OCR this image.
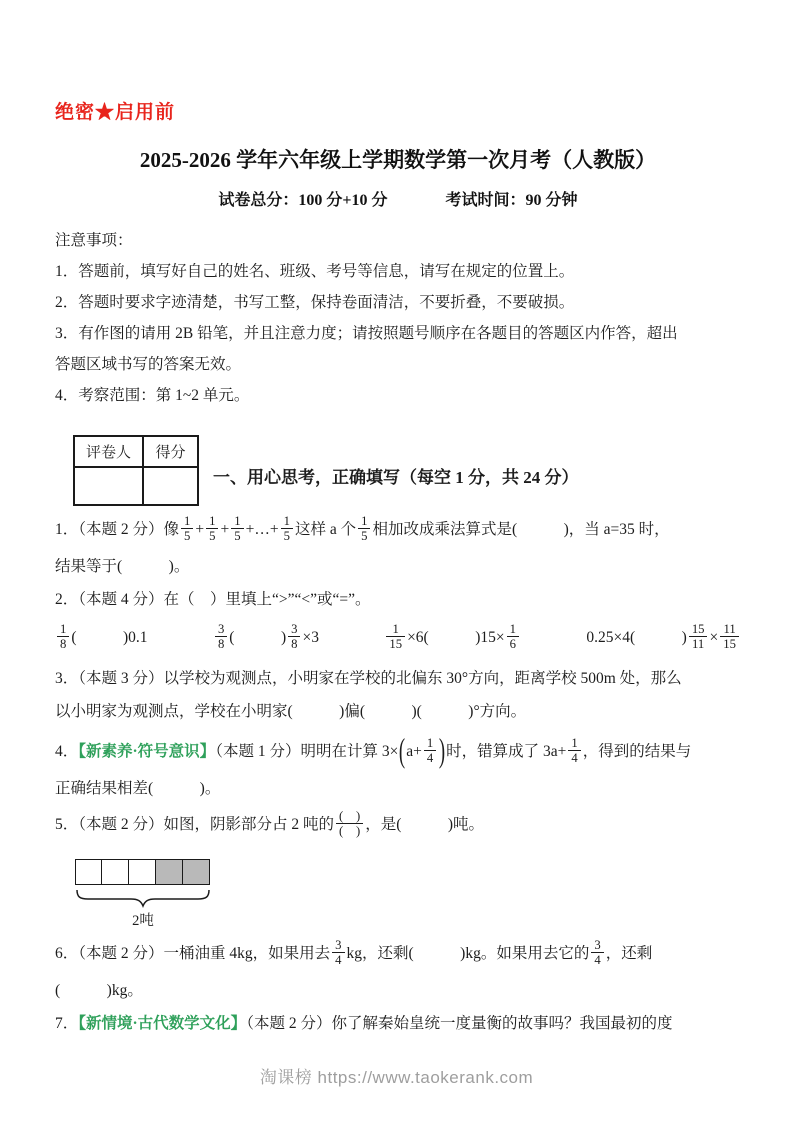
绝密★启用前
2025-2026 学年六年级上学期数学第一次月考（人教版）
试卷总分：100 分+10 分	考试时间：90 分钟
注意事项：
1．答题前，填写好自己的姓名、班级、考号等信息，请写在规定的位置上。
2．答题时要求字迹清楚，书写工整，保持卷面清洁，不要折叠，不要破损。
3．有作图的请用 2B 铅笔，并且注意力度；请按照题号顺序在各题目的答题区内作答，超出
答题区域书写的答案无效。
4．考察范围：第 1~2 单元。
评卷人	得分

一、用心思考，正确填写（每空 1 分，共 24 分）
1．（本题 2 分）像 $\frac{1}{5} + \frac{1}{5} + \frac{1}{5}$ +…+ $\frac{1}{5}$ 这样 a 个 $\frac{1}{5}$ 相加改成乘法算式是(　　　)，当 a=35 时，
结果等于(　　　)。
2．（本题 4 分）在（　）里填上“>”“<”或“=”。
$\frac{1}{8}$ (　　　)0.1	$\frac{3}{8}$ (　　　) $\frac{3}{8} \times 3$	$\frac{1}{15} \times 6$(　　　)$15\times \frac{1}{6}$	0.25×4(　　　) $\frac{15}{11} \times \frac{11}{15}$
3．（本题 3 分）以学校为观测点，小明家在学校的北偏东 30°方向，距离学校 500m 处，那么
以小明家为观测点，学校在小明家(　　　)偏(　　　)(　　　)°方向。
4．【新素养·符号意识】（本题 1 分）明明在计算 $3\times(a+ \frac{1}{4}$ )时，错算成了 $3a+ \frac{1}{4}$ ，得到的结果与
正确结果相差(　　　)。
5．（本题 2 分）如图，阴影部分占 2 吨的 $\frac{( )}{( )}$ ，是(　　　)吨。
2吨
6．（本题 2 分）一桶油重 4kg，如果用去 $\frac{3}{4}$ kg，还剩(　　　)kg。如果用去它的 $\frac{3}{4}$ ，还剩
(　　　)kg。
7．【新情境·古代数学文化】（本题 2 分）你了解秦始皇统一度量衡的故事吗？我国最初的度
淘课榜 https://www.taokerank.com
